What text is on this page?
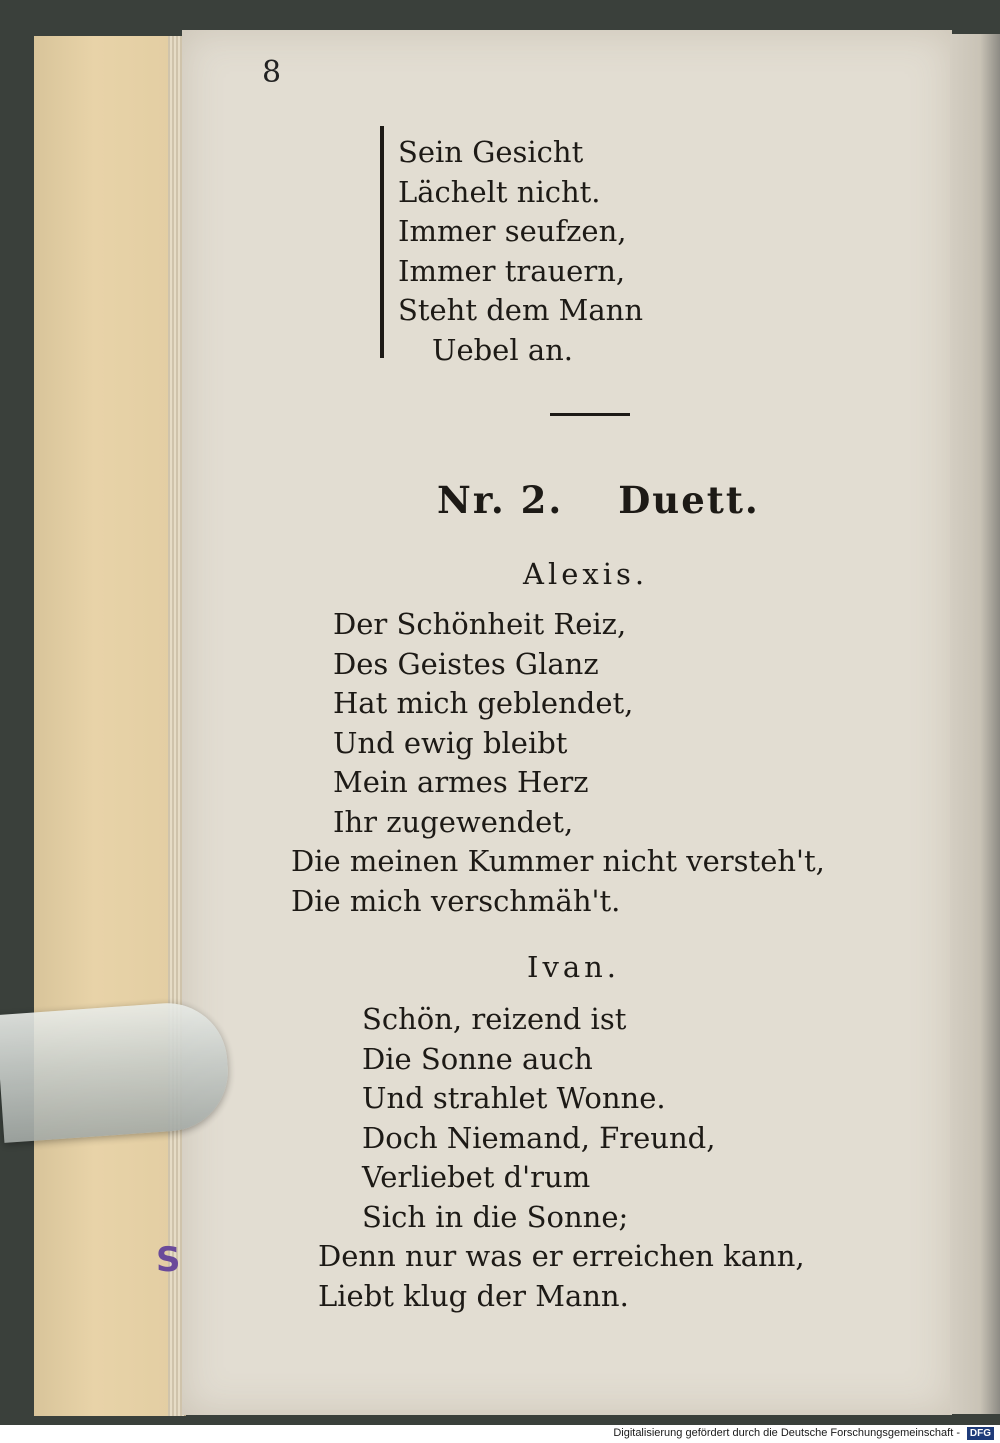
8
Sein Gesicht
Lächelt nicht.
Immer seufzen,
Immer trauern,
Steht dem Mann
Uebel an.
Nr. 2. Duett.
Alexis.
Der Schönheit Reiz,
Des Geistes Glanz
Hat mich geblendet,
Und ewig bleibt
Mein armes Herz
Ihr zugewendet,
Die meinen Kummer nicht versteh't,
Die mich verschmäh't.
Ivan.
Schön, reizend ist
Die Sonne auch
Und strahlet Wonne.
Doch Niemand, Freund,
Verliebet d'rum
Sich in die Sonne;
Denn nur was er erreichen kann,
Liebt klug der Mann.
S
Digitalisierung gefördert durch die Deutsche Forschungsgemeinschaft - DFG
